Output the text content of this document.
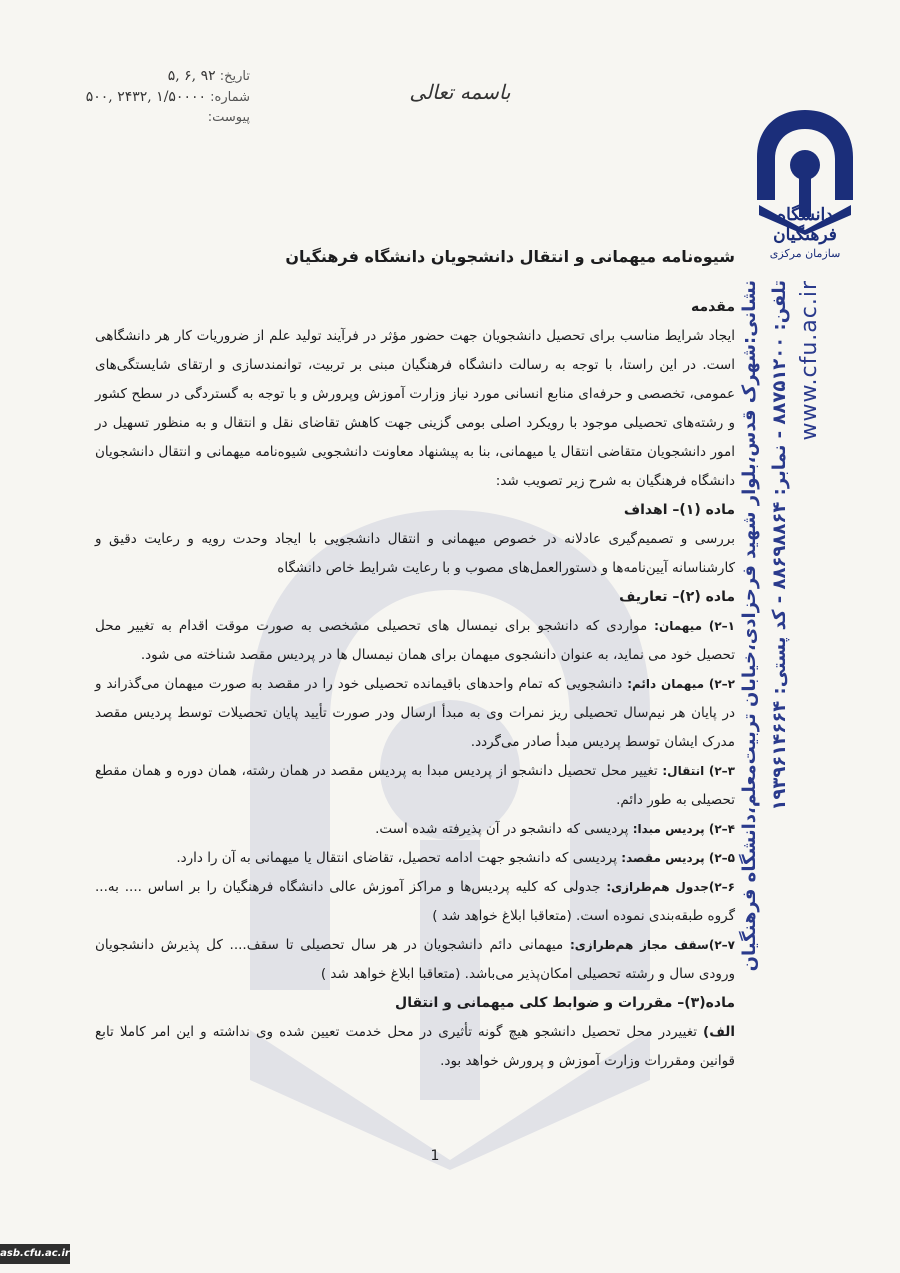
دانشگاه فرهنگیان
سازمان مرکزی
باسمه تعالی
تاریخ: ۹۲ ,۶ ,۵
شماره: ۱/۵۰۰۰۰ ,۲۴۳۲ ,۵۰۰
پیوست:
نشانی:شهرک قدس،بلوار شهید فرحزادی،خیابان تربیت‌معلم،دانشگاه فرهنگیان تلفن: ۸۸۷۵۱۲۰۰ - نمابر: ۸۸۶۹۸۸۶۴ - کد پستی: ۱۹۳۹۶۱۴۶۶۴ www.cfu.ac.ir
شیوه‌نامه میهمانی و انتقال دانشجویان دانشگاه فرهنگیان
مقدمه

ایجاد شرایط مناسب برای تحصیل دانشجویان جهت حضور مؤثر در فرآیند تولید علم از ضروریات کار هر دانشگاهی است. در این راستا، با توجه به رسالت دانشگاه فرهنگیان مبنی بر تربیت، توانمندسازی و ارتقای شایستگی‌های عمومی، تخصصی و حرفه‌ای منابع انسانی مورد نیاز وزارت آموزش وپرورش و با توجه به گستردگی در سطح کشور و رشته‌های تحصیلی موجود با رویکرد اصلی بومی گزینی جهت کاهش تقاضای نقل و انتقال و به منظور تسهیل در امور دانشجویان متقاضی انتقال یا میهمانی، بنا به پیشنهاد معاونت دانشجویی شیوه‌نامه میهمانی و انتقال دانشجویان دانشگاه فرهنگیان به شرح زیر تصویب شد:

ماده (۱)– اهداف

بررسی و تصمیم‌گیری عادلانه در خصوص میهمانی و انتقال دانشجویی با ایجاد وحدت رویه و رعایت دقیق و کارشناسانه آیین‌نامه‌ها و دستورالعمل‌های مصوب و با رعایت شرایط خاص دانشگاه

ماده (۲)– تعاریف

۱–۲) میهمان: مواردی که دانشجو برای نیمسال های تحصیلی مشخصی به صورت موقت اقدام به تغییر محل تحصیل خود می نماید، به عنوان دانشجوی میهمان برای همان نیمسال ها در پردیس مقصد شناخته می شود.

۲–۲) میهمان دائم: دانشجویی که تمام واحدهای باقیمانده تحصیلی خود را در مقصد به صورت میهمان می‌گذراند و در پایان هر نیم‌سال تحصیلی ریز نمرات وی به مبدأ ارسال ودر صورت تأیید پایان تحصیلات توسط پردیس مقصد مدرک ایشان توسط پردیس مبدأ صادر می‌گردد.

۳–۲) انتقال: تغییر محل تحصیل دانشجو از پردیس مبدا به پردیس مقصد در همان رشته، همان دوره و همان مقطع تحصیلی به طور دائم.

۴–۲) پردیس مبدا: پردیسی که دانشجو در آن پذیرفته شده است.

۵–۲) پردیس مقصد: پردیسی که دانشجو جهت ادامه تحصیل، تقاضای انتقال یا میهمانی به آن را دارد.

۶–۲)جدول هم‌طرازی: جدولی که کلیه پردیس‌ها و مراکز آموزش عالی دانشگاه فرهنگیان را بر اساس .... به... گروه طبقه‌بندی نموده است. (متعاقبا ابلاغ خواهد شد )

۷–۲)سقف مجاز هم‌طرازی: میهمانی دائم دانشجویان در هر سال تحصیلی تا سقف.... کل پذیرش دانشجویان ورودی سال و رشته تحصیلی امکان‌پذیر می‌باشد. (متعاقبا ابلاغ خواهد شد )

ماده(۳)– مقررات و ضوابط کلی میهمانی و انتقال

الف) تغییردر محل تحصیل دانشجو هیچ گونه تأثیری در محل خدمت تعیین شده وی نداشته و این امر کاملا تابع قوانین ومقررات وزارت آموزش و پرورش خواهد بود.

1
asb.cfu.ac.ir
